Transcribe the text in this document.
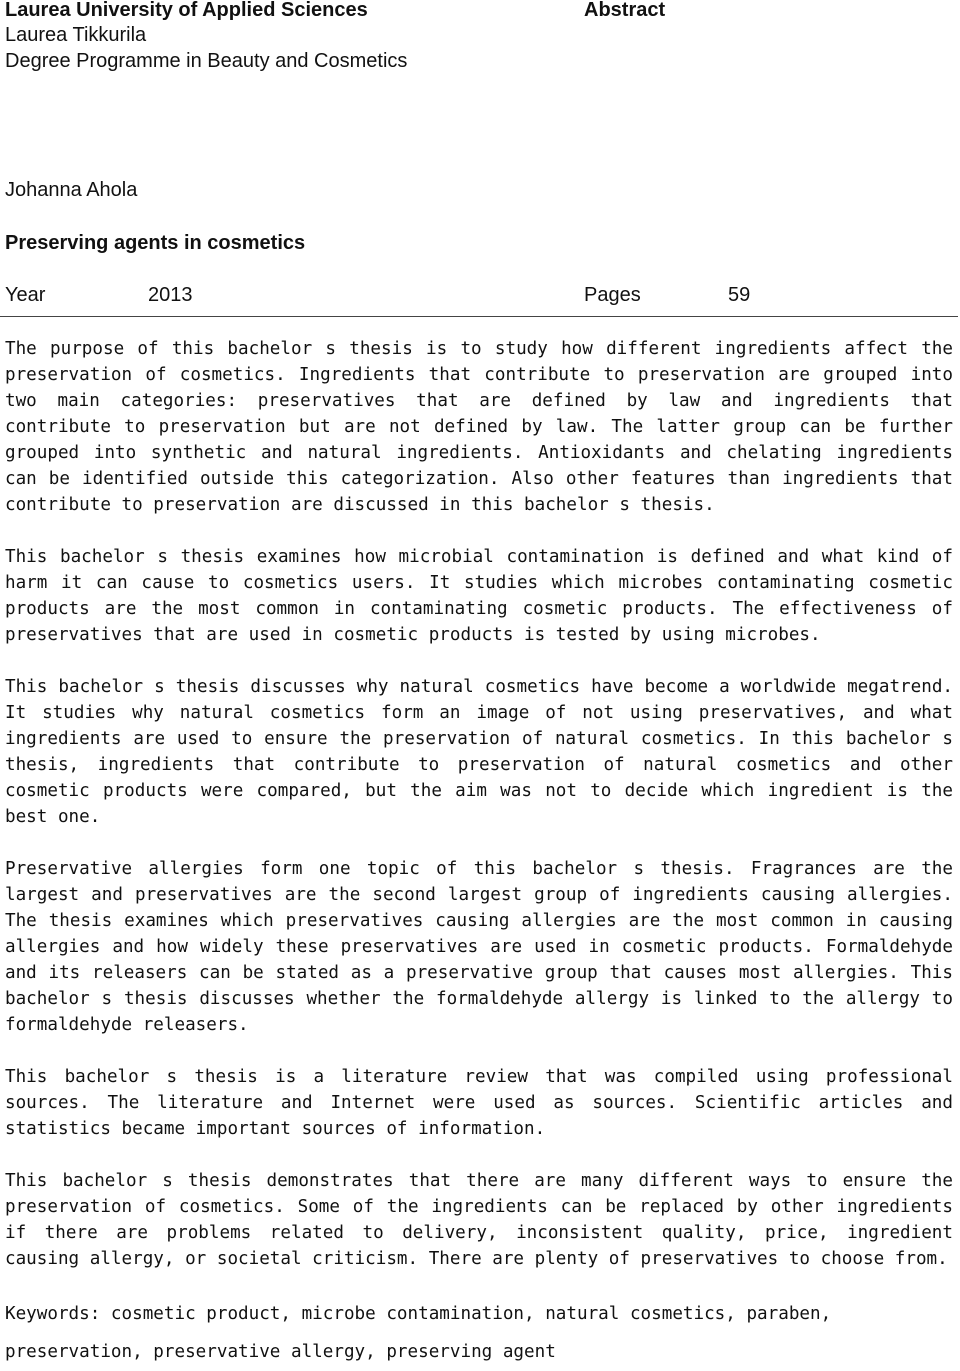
Laurea University of Applied Sciences	Abstract
Laurea Tikkurila
Degree Programme in Beauty and Cosmetics
Johanna Ahola
Preserving agents in cosmetics
Year	2013	Pages	59

The purpose of this bachelor s thesis is to study how different ingredients affect the preservation of cosmetics. Ingredients that contribute to preservation are grouped into two main categories: preservatives that are defined by law and ingredients that contribute to preservation but are not defined by law. The latter group can be further grouped into synthetic and natural ingredients. Antioxidants and chelating ingredients can be identified outside this categorization. Also other features than ingredients that contribute to preservation are discussed in this bachelor s thesis.

This bachelor s thesis examines how microbial contamination is defined and what kind of harm it can cause to cosmetics users. It studies which microbes contaminating cosmetic products are the most common in contaminating cosmetic products. The effectiveness of preservatives that are used in cosmetic products is tested by using microbes.

This bachelor s thesis discusses why natural cosmetics have become a worldwide megatrend. It studies why natural cosmetics form an image of not using preservatives, and what ingredients are used to ensure the preservation of natural cosmetics. In this bachelor s thesis, ingredients that contribute to preservation of natural cosmetics and other cosmetic products were compared, but the aim was not to decide which ingredient is the best one.

Preservative allergies form one topic of this bachelor s thesis. Fragrances are the largest and preservatives are the second largest group of ingredients causing allergies. The thesis examines which preservatives causing allergies are the most common in causing allergies and how widely these preservatives are used in cosmetic products. Formaldehyde and its releasers can be stated as a preservative group that causes most allergies. This bachelor s thesis discusses whether the formaldehyde allergy is linked to the allergy to formaldehyde releasers.

This bachelor s thesis is a literature review that was compiled using professional sources. The literature and Internet were used as sources. Scientific articles and statistics became important sources of information.

This bachelor s thesis demonstrates that there are many different ways to ensure the preservation of cosmetics. Some of the ingredients can be replaced by other ingredients if there are problems related to delivery, inconsistent quality, price, ingredient causing allergy, or societal criticism. There are plenty of preservatives to choose from.

Keywords: cosmetic product, microbe contamination, natural cosmetics, paraben, preservation, preservative allergy, preserving agent
